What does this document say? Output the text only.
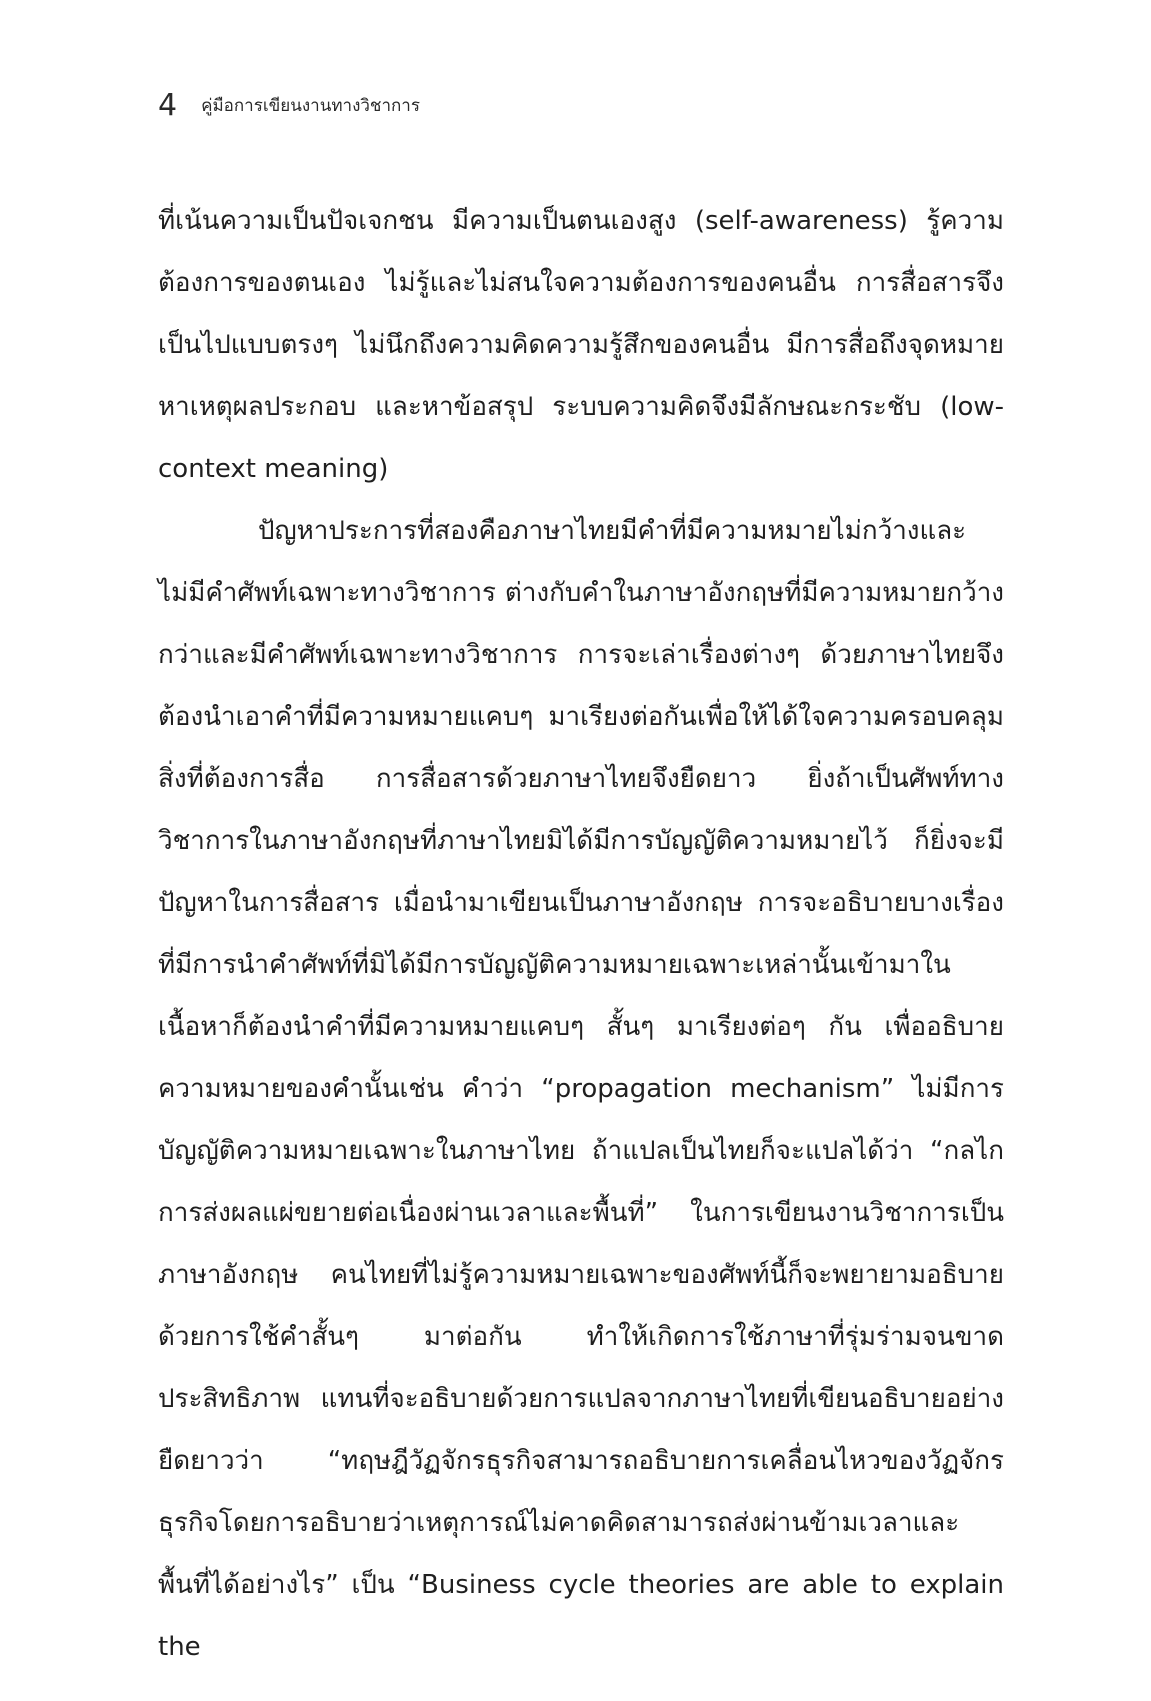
4 คู่มือการเขียนงานทางวิชาการ

ที่เน้นความเป็นปัจเจกชน มีความเป็นตนเองสูง (self-awareness) รู้ความต้องการของตนเอง ไม่รู้และไม่สนใจความต้องการของคนอื่น การสื่อสารจึงเป็นไปแบบตรงๆ ไม่นึกถึงความคิดความรู้สึกของคนอื่น มีการสื่อถึงจุดหมาย หาเหตุผลประกอบ และหาข้อสรุป ระบบความคิดจึงมีลักษณะกระชับ (low-context meaning)

ปัญหาประการที่สองคือภาษาไทยมีคำที่มีความหมายไม่กว้างและไม่มีคำศัพท์เฉพาะทางวิชาการ ต่างกับคำในภาษาอังกฤษที่มีความหมายกว้างกว่าและมีคำศัพท์เฉพาะทางวิชาการ การจะเล่าเรื่องต่างๆ ด้วยภาษาไทยจึงต้องนำเอาคำที่มีความหมายแคบๆ มาเรียงต่อกันเพื่อให้ได้ใจความครอบคลุมสิ่งที่ต้องการสื่อ การสื่อสารด้วยภาษาไทยจึงยืดยาว ยิ่งถ้าเป็นศัพท์ทางวิชาการในภาษาอังกฤษที่ภาษาไทยมิได้มีการบัญญัติความหมายไว้ ก็ยิ่งจะมีปัญหาในการสื่อสาร เมื่อนำมาเขียนเป็นภาษาอังกฤษ การจะอธิบายบางเรื่องที่มีการนำคำศัพท์ที่มิได้มีการบัญญัติความหมายเฉพาะเหล่านั้นเข้ามาในเนื้อหาก็ต้องนำคำที่มีความหมายแคบๆ สั้นๆ มาเรียงต่อๆ กัน เพื่ออธิบายความหมายของคำนั้นเช่น คำว่า “propagation mechanism” ไม่มีการบัญญัติความหมายเฉพาะในภาษาไทย ถ้าแปลเป็นไทยก็จะแปลได้ว่า “กลไกการส่งผลแผ่ขยายต่อเนื่องผ่านเวลาและพื้นที่” ในการเขียนงานวิชาการเป็นภาษาอังกฤษ คนไทยที่ไม่รู้ความหมายเฉพาะของศัพท์นี้ก็จะพยายามอธิบายด้วยการใช้คำสั้นๆ มาต่อกัน ทำให้เกิดการใช้ภาษาที่รุ่มร่ามจนขาดประสิทธิภาพ แทนที่จะอธิบายด้วยการแปลจากภาษาไทยที่เขียนอธิบายอย่างยืดยาวว่า “ทฤษฎีวัฏจักรธุรกิจสามารถอธิบายการเคลื่อนไหวของวัฏจักรธุรกิจโดยการอธิบายว่าเหตุการณ์ไม่คาดคิดสามารถส่งผ่านข้ามเวลาและพื้นที่ได้อย่างไร” เป็น “Business cycle theories are able to explain the
